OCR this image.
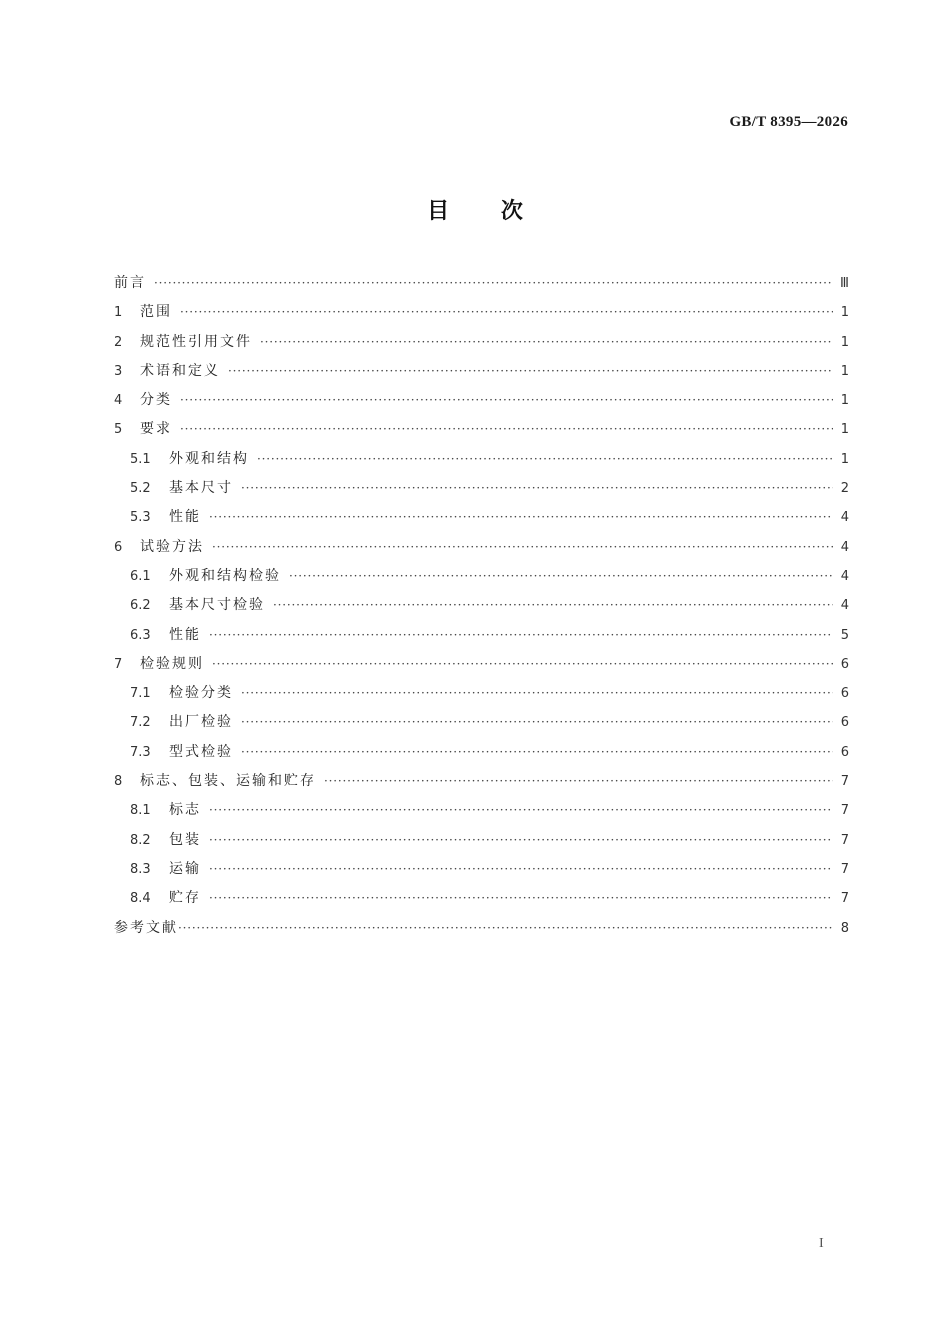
GB/T 8395—2026
目 次
前言 ·····	Ⅲ
1	范围 ·····	1
2	规范性引用文件 ·····	1
3	术语和定义 ·····	1
4	分类 ·····	1
5	要求 ·····	1
5.1	外观和结构 ·····	1
5.2	基本尺寸 ·····	2
5.3	性能 ·····	4
6	试验方法 ·····	4
6.1	外观和结构检验 ·····	4
6.2	基本尺寸检验 ·····	4
6.3	性能 ·····	5
7	检验规则 ·····	6
7.1	检验分类 ·····	6
7.2	出厂检验 ·····	6
7.3	型式检验 ·····	6
8	标志、包装、运输和贮存 ·····	7
8.1	标志 ·····	7
8.2	包装 ·····	7
8.3	运输 ·····	7
8.4	贮存 ·····	7
参考文献 ·····	8
I
